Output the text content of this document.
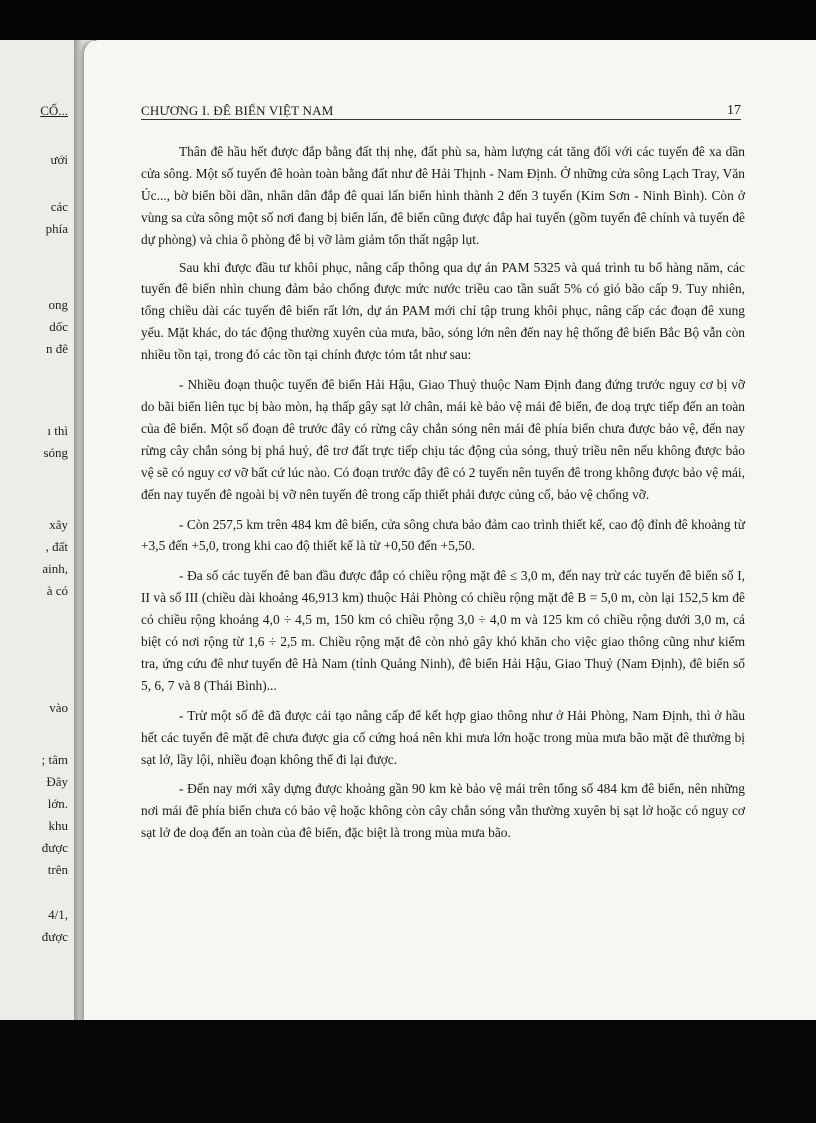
CỐ...
ưới
các
phía
ong
dốc
n đê
ı thì
sóng
xây
, đất
ainh,
à có
vào
; tâm
Đây
lớn.
khu
được
trên
4/1,
được
CHƯƠNG I. ĐÊ BIỂN VIỆT NAM	17

Thân đê hầu hết được đắp bằng đất thị nhẹ, đất phù sa, hàm lượng cát tăng đối với các tuyến đê xa dần cửa sông. Một số tuyến đê hoàn toàn bằng đất như đê Hải Thịnh - Nam Định. Ở những cửa sông Lạch Tray, Văn Úc..., bờ biển bồi dần, nhân dân đắp đê quai lấn biển hình thành 2 đến 3 tuyến (Kim Sơn - Ninh Bình). Còn ở vùng sa cửa sông một số nơi đang bị biển lấn, đê biển cũng được đắp hai tuyến (gồm tuyến đê chính và tuyến đê dự phòng) và chia ô phòng đê bị vỡ làm giảm tổn thất ngập lụt.

Sau khi được đầu tư khôi phục, nâng cấp thông qua dự án PAM 5325 và quá trình tu bổ hàng năm, các tuyến đê biển nhìn chung đảm bảo chống được mức nước triều cao tần suất 5% có gió bão cấp 9. Tuy nhiên, tổng chiều dài các tuyến đê biển rất lớn, dự án PAM mới chỉ tập trung khôi phục, nâng cấp các đoạn đê xung yếu. Mặt khác, do tác động thường xuyên của mưa, bão, sóng lớn nên đến nay hệ thống đê biển Bắc Bộ vẫn còn nhiều tồn tại, trong đó các tồn tại chính được tóm tắt như sau:

- Nhiều đoạn thuộc tuyến đê biển Hải Hậu, Giao Thuỷ thuộc Nam Định đang đứng trước nguy cơ bị vỡ do bãi biển liên tục bị bào mòn, hạ thấp gây sạt lở chân, mái kè bảo vệ mái đê biển, đe doạ trực tiếp đến an toàn của đê biển. Một số đoạn đê trước đây có rừng cây chắn sóng nên mái đê phía biển chưa được bảo vệ, đến nay rừng cây chắn sóng bị phá huỷ, đê trơ đất trực tiếp chịu tác động của sóng, thuỷ triều nên nếu không được bảo vệ sẽ có nguy cơ vỡ bất cứ lúc nào. Có đoạn trước đây đê có 2 tuyến nên tuyến đê trong không được bảo vệ mái, đến nay tuyến đê ngoài bị vỡ nên tuyến đê trong cấp thiết phải được củng cố, bảo vệ chống vỡ.

- Còn 257,5 km trên 484 km đê biển, cửa sông chưa bảo đảm cao trình thiết kế, cao độ đỉnh đê khoảng từ +3,5 đến +5,0, trong khi cao độ thiết kế là từ +0,50 đến +5,50.

- Đa số các tuyến đê ban đầu được đắp có chiều rộng mặt đê ≤ 3,0 m, đến nay trừ các tuyến đê biển số I, II và số III (chiều dài khoảng 46,913 km) thuộc Hải Phòng có chiều rộng mặt đê B = 5,0 m, còn lại 152,5 km đê có chiều rộng khoảng 4,0 ÷ 4,5 m, 150 km có chiều rộng 3,0 ÷ 4,0 m và 125 km có chiều rộng dưới 3,0 m, cá biệt có nơi rộng từ 1,6 ÷ 2,5 m. Chiều rộng mặt đê còn nhỏ gây khó khăn cho việc giao thông cũng như kiểm tra, ứng cứu đê như tuyến đê Hà Nam (tỉnh Quảng Ninh), đê biển Hải Hậu, Giao Thuỷ (Nam Định), đê biển số 5, 6, 7 và 8 (Thái Bình)...

- Trừ một số đê đã được cải tạo nâng cấp để kết hợp giao thông như ở Hải Phòng, Nam Định, thì ở hầu hết các tuyến đê mặt đê chưa được gia cố cứng hoá nên khi mưa lớn hoặc trong mùa mưa bão mặt đê thường bị sạt lở, lầy lội, nhiều đoạn không thể đi lại được.

- Đến nay mới xây dựng được khoảng gần 90 km kè bảo vệ mái trên tổng số 484 km đê biển, nên những nơi mái đê phía biển chưa có bảo vệ hoặc không còn cây chắn sóng vẫn thường xuyên bị sạt lở hoặc có nguy cơ sạt lở đe doạ đến an toàn của đê biển, đặc biệt là trong mùa mưa bão.
